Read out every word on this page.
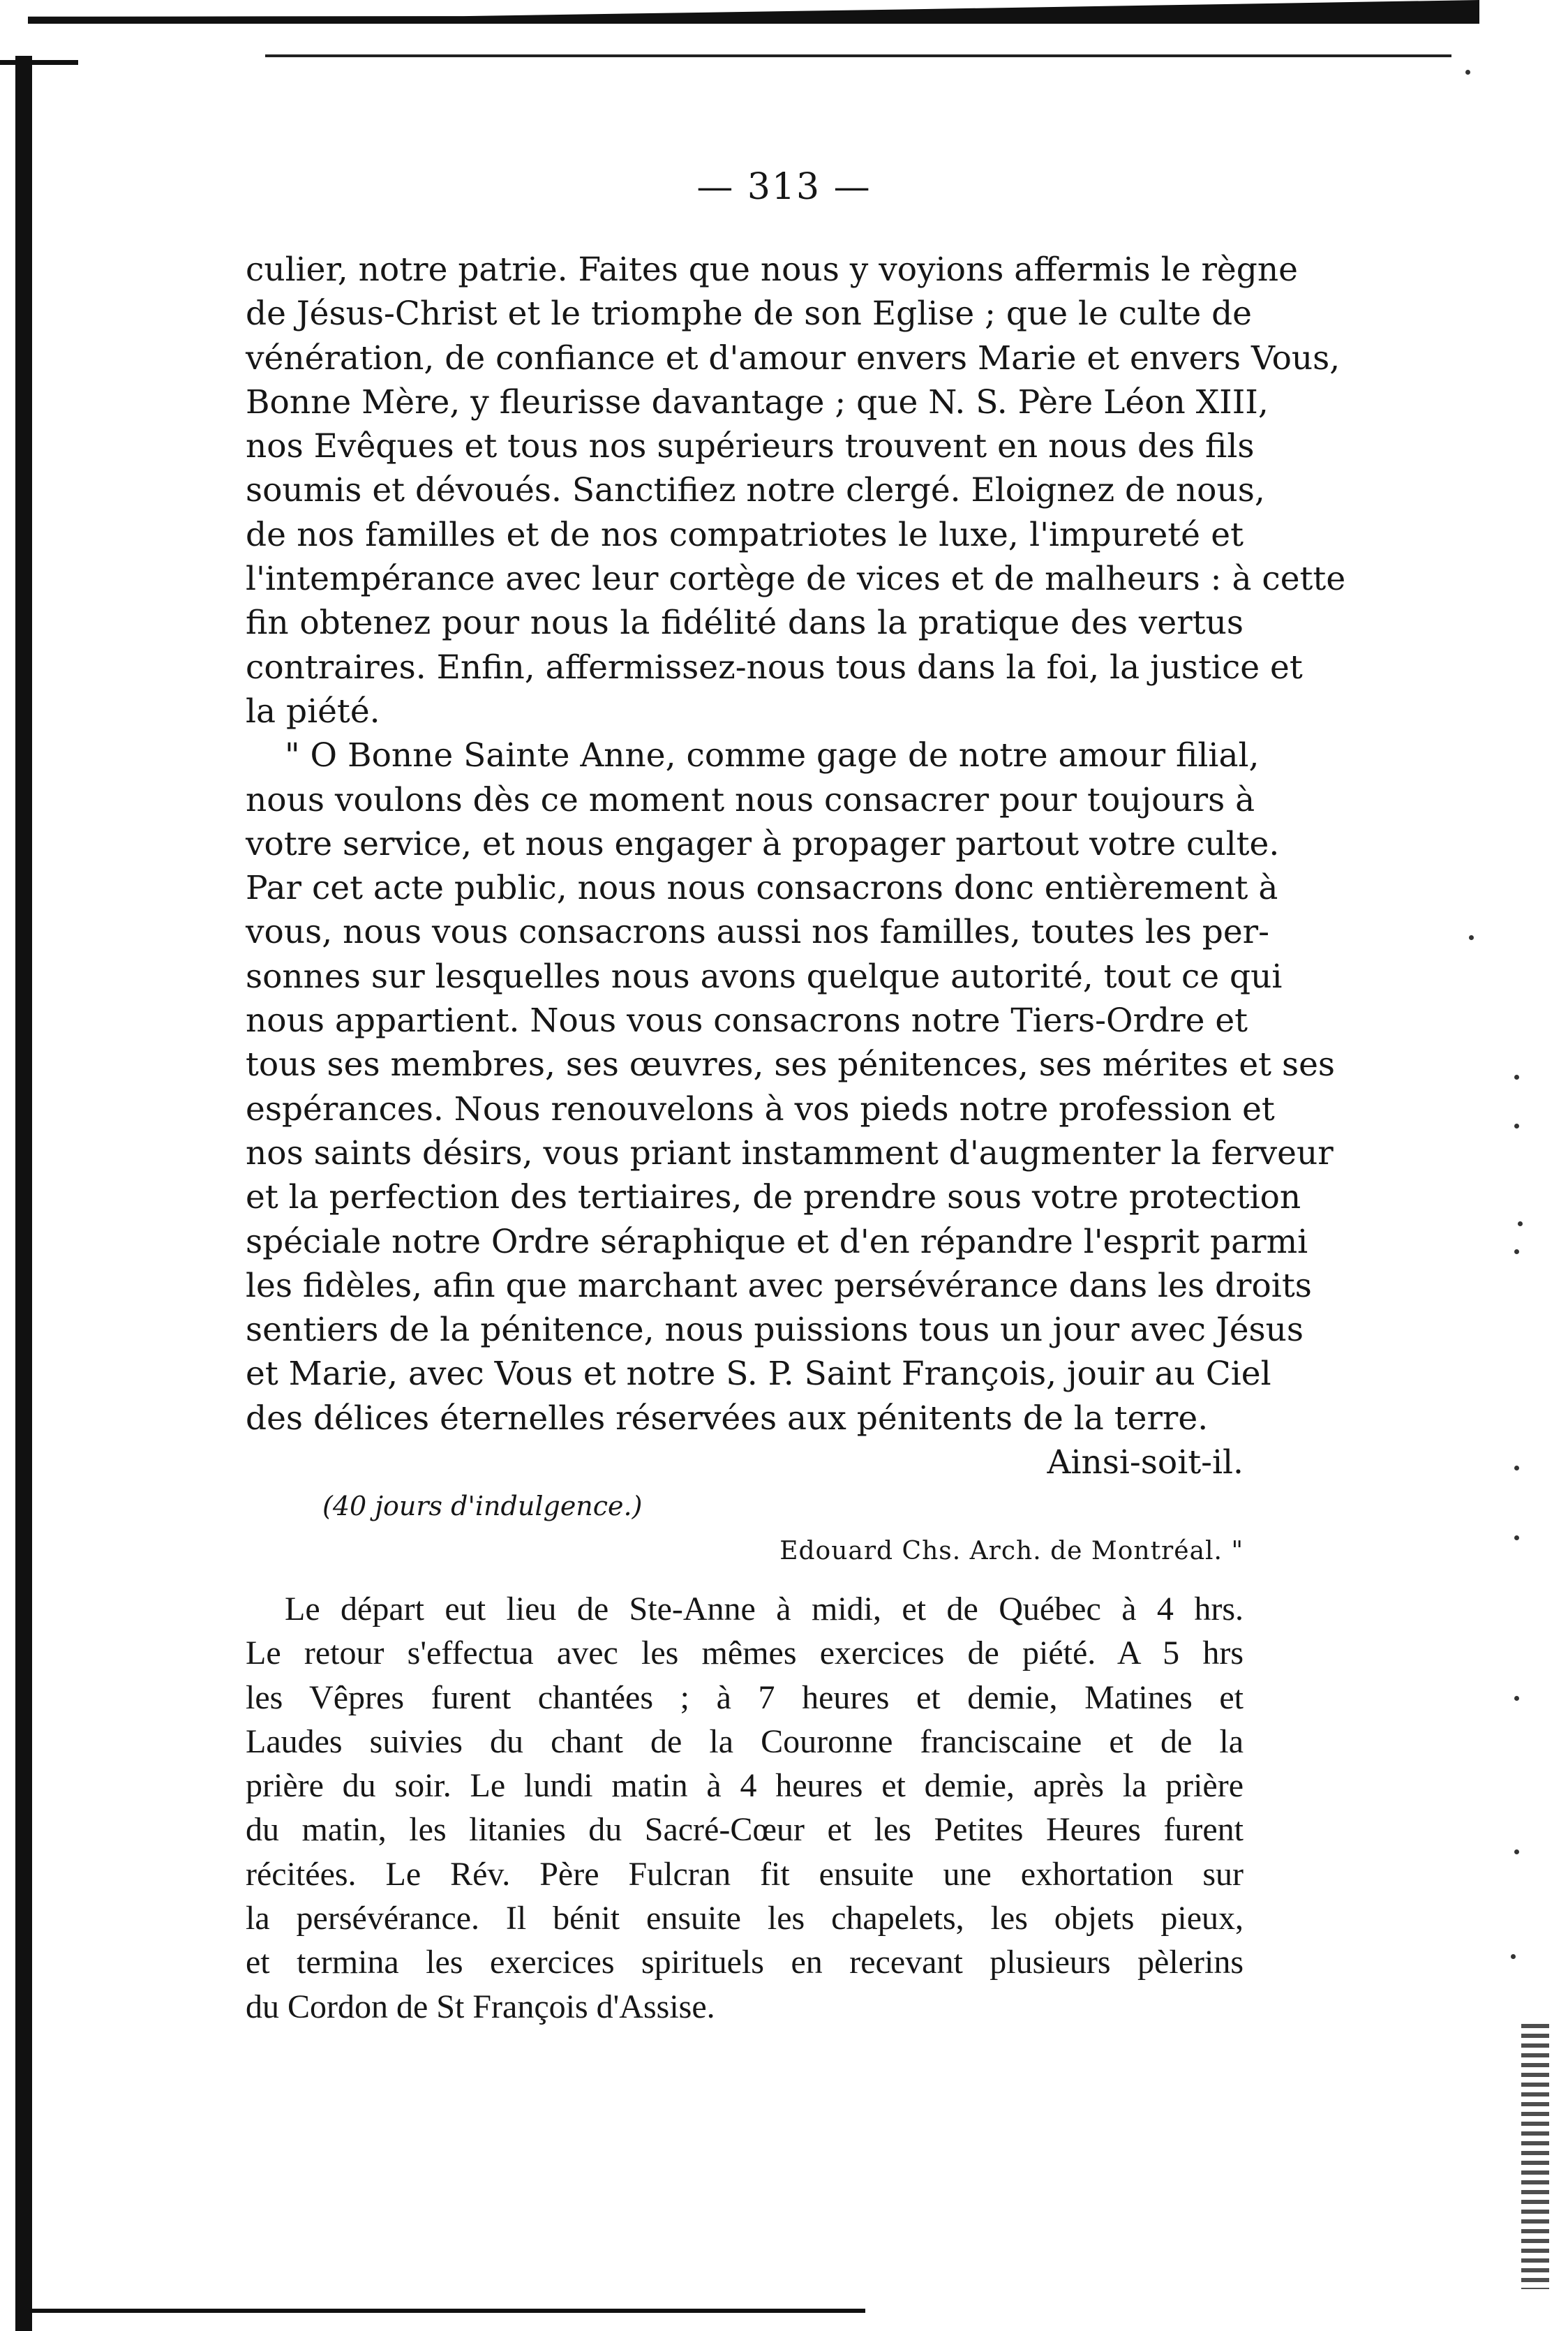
— 313 —
culier, notre patrie. Faites que nous y voyions affermis le règne
de Jésus-Christ et le triomphe de son Eglise ; que le culte de
vénération, de confiance et d'amour envers Marie et envers Vous,
Bonne Mère, y fleurisse davantage ; que N. S. Père Léon XIII,
nos Evêques et tous nos supérieurs trouvent en nous des fils
soumis et dévoués. Sanctifiez notre clergé. Eloignez de nous,
de nos familles et de nos compatriotes le luxe, l'impureté et
l'intempérance avec leur cortège de vices et de malheurs : à cette
fin obtenez pour nous la fidélité dans la pratique des vertus
contraires. Enfin, affermissez-nous tous dans la foi, la justice et
la piété.
" O Bonne Sainte Anne, comme gage de notre amour filial,
nous voulons dès ce moment nous consacrer pour toujours à
votre service, et nous engager à propager partout votre culte.
Par cet acte public, nous nous consacrons donc entièrement à
vous, nous vous consacrons aussi nos familles, toutes les per-
sonnes sur lesquelles nous avons quelque autorité, tout ce qui
nous appartient. Nous vous consacrons notre Tiers-Ordre et
tous ses membres, ses œuvres, ses pénitences, ses mérites et ses
espérances. Nous renouvelons à vos pieds notre profession et
nos saints désirs, vous priant instamment d'augmenter la ferveur
et la perfection des tertiaires, de prendre sous votre protection
spéciale notre Ordre séraphique et d'en répandre l'esprit parmi
les fidèles, afin que marchant avec persévérance dans les droits
sentiers de la pénitence, nous puissions tous un jour avec Jésus
et Marie, avec Vous et notre S. P. Saint François, jouir au Ciel
des délices éternelles réservées aux pénitents de la terre.
Ainsi-soit-il.
(40 jours d'indulgence.)
Edouard Chs. Arch. de Montréal. "
Le départ eut lieu de Ste-Anne à midi, et de Québec à 4 hrs.
Le retour s'effectua avec les mêmes exercices de piété. A 5 hrs
les Vêpres furent chantées ; à 7 heures et demie, Matines et
Laudes suivies du chant de la Couronne franciscaine et de la
prière du soir. Le lundi matin à 4 heures et demie, après la prière
du matin, les litanies du Sacré-Cœur et les Petites Heures furent
récitées. Le Rév. Père Fulcran fit ensuite une exhortation sur
la persévérance. Il bénit ensuite les chapelets, les objets pieux,
et termina les exercices spirituels en recevant plusieurs pèlerins
du Cordon de St François d'Assise.
